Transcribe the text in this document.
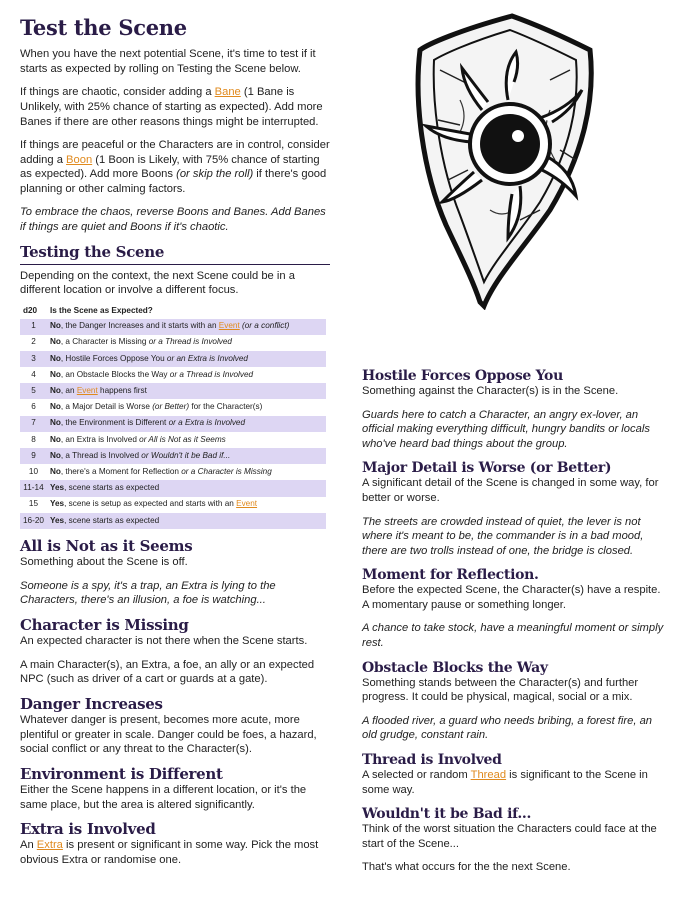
Test the Scene

When you have the next potential Scene, it's time to test if it starts as expected by rolling on Testing the Scene below.

If things are chaotic, consider adding a Bane (1 Bane is Unlikely, with 25% chance of starting as expected). Add more Banes if there are other reasons things might be interrupted.

If things are peaceful or the Characters are in control, consider adding a Boon (1 Boon is Likely, with 75% chance of starting as expected). Add more Boons (or skip the roll) if there's good planning or other calming factors.

To embrace the chaos, reverse Boons and Banes. Add Banes if things are quiet and Boons if it's chaotic.

Testing the Scene

Depending on the context, the next Scene could be in a different location or involve a different focus.

d20	Is the Scene as Expected?
1	No, the Danger Increases and it starts with an Event (or a conflict)
2	No, a Character is Missing or a Thread is Involved
3	No, Hostile Forces Oppose You or an Extra is Involved
4	No, an Obstacle Blocks the Way or a Thread is Involved
5	No, an Event happens first
6	No, a Major Detail is Worse (or Better) for the Character(s)
7	No, the Environment is Different or a Extra is Involved
8	No, an Extra is Involved or All is Not as it Seems
9	No, a Thread is Involved or Wouldn't it be Bad if...
10	No, there's a Moment for Reflection or a Character is Missing
11-14	Yes, scene starts as expected
15	Yes, scene is setup as expected and starts with an Event
16-20	Yes, scene starts as expected
All is Not as it Seems

Something about the Scene is off.

Someone is a spy, it's a trap, an Extra is lying to the Characters, there's an illusion, a foe is watching...

Character is Missing

An expected character is not there when the Scene starts.

A main Character(s), an Extra, a foe, an ally or an expected NPC (such as driver of a cart or guards at a gate).

Danger Increases

Whatever danger is present, becomes more acute, more plentiful or greater in scale. Danger could be foes, a hazard, social conflict or any threat to the Character(s).

Environment is Different

Either the Scene happens in a different location, or it's the same place, but the area is altered significantly.

Extra is Involved

An Extra is present or significant in some way. Pick the most obvious Extra or randomise one.

Hostile Forces Oppose You

Something against the Character(s) is in the Scene.

Guards here to catch a Character, an angry ex-lover, an official making everything difficult, hungry bandits or locals who've heard bad things about the group.

Major Detail is Worse (or Better)

A significant detail of the Scene is changed in some way, for better or worse.

The streets are crowded instead of quiet, the lever is not where it's meant to be, the commander is in a bad mood, there are two trolls instead of one, the bridge is closed.

Moment for Reflection.

Before the expected Scene, the Character(s) have a respite. A momentary pause or something longer.

A chance to take stock, have a meaningful moment or simply rest.

Obstacle Blocks the Way

Something stands between the Character(s) and further progress. It could be physical, magical, social or a mix.

A flooded river, a guard who needs bribing, a forest fire, an old grudge, constant rain.

Thread is Involved

A selected or random Thread is significant to the Scene in some way.

Wouldn't it be Bad if...

Think of the worst situation the Characters could face at the start of the Scene...

That's what occurs for the the next Scene.
